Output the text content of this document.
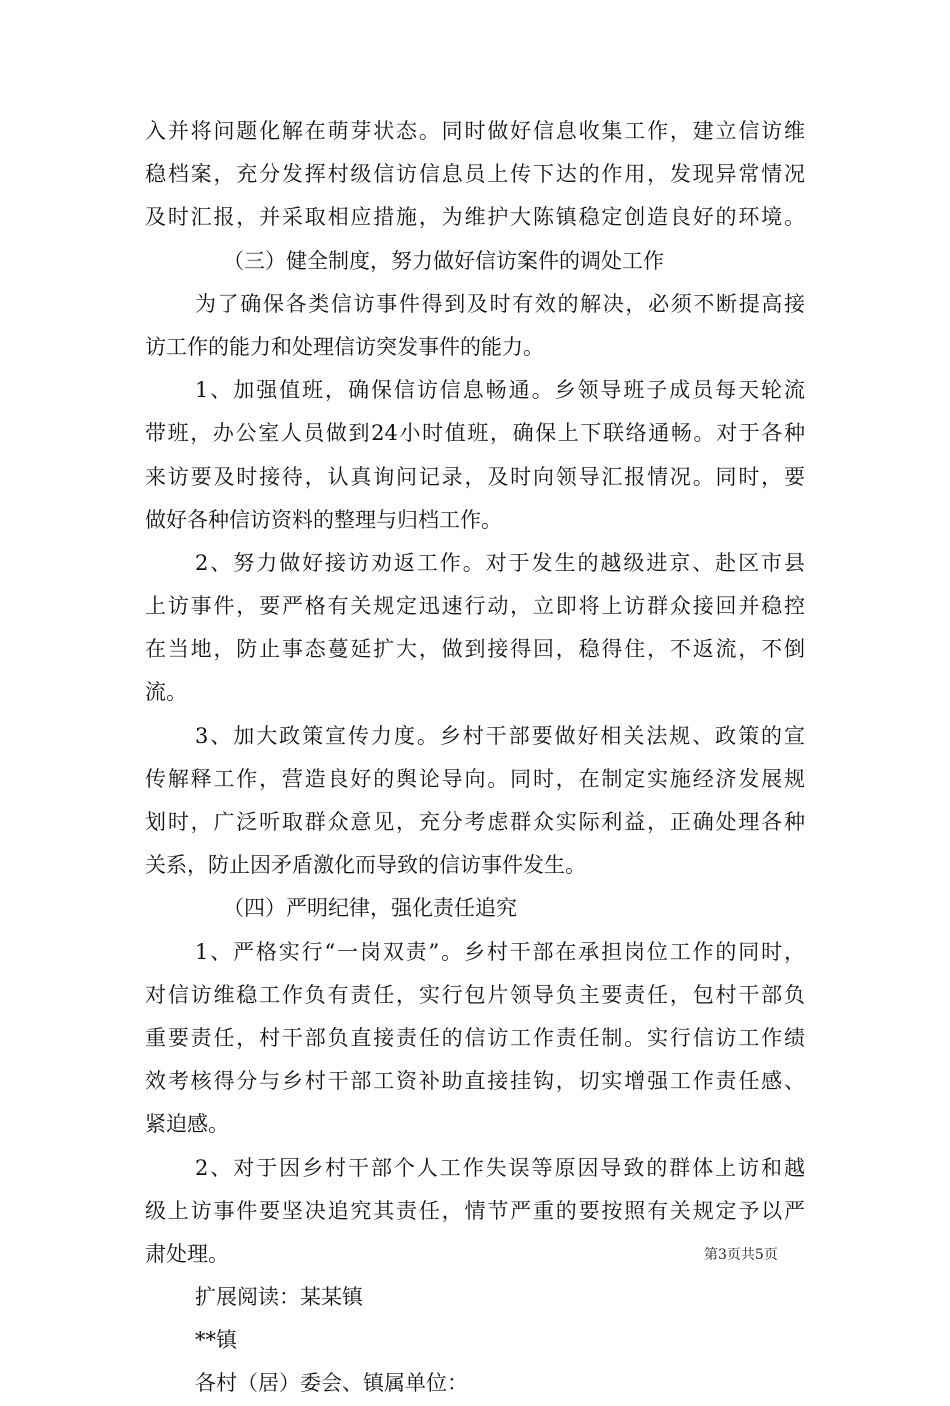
入并将问题化解在萌芽状态。同时做好信息收集工作，建立信访维
稳档案，充分发挥村级信访信息员上传下达的作用，发现异常情况
及时汇报，并采取相应措施，为维护大陈镇稳定创造良好的环境。
（三）健全制度，努力做好信访案件的调处工作
为了确保各类信访事件得到及时有效的解决，必须不断提高接
访工作的能力和处理信访突发事件的能力。
1、加强值班，确保信访信息畅通。乡领导班子成员每天轮流
带班，办公室人员做到24小时值班，确保上下联络通畅。对于各种
来访要及时接待，认真询问记录，及时向领导汇报情况。同时，要
做好各种信访资料的整理与归档工作。
2、努力做好接访劝返工作。对于发生的越级进京、赴区市县
上访事件，要严格有关规定迅速行动，立即将上访群众接回并稳控
在当地，防止事态蔓延扩大，做到接得回，稳得住，不返流，不倒
流。
3、加大政策宣传力度。乡村干部要做好相关法规、政策的宣
传解释工作，营造良好的舆论导向。同时，在制定实施经济发展规
划时，广泛听取群众意见，充分考虑群众实际利益，正确处理各种
关系，防止因矛盾激化而导致的信访事件发生。
（四）严明纪律，强化责任追究
1、严格实行“一岗双责”。乡村干部在承担岗位工作的同时，
对信访维稳工作负有责任，实行包片领导负主要责任，包村干部负
重要责任，村干部负直接责任的信访工作责任制。实行信访工作绩
效考核得分与乡村干部工资补助直接挂钩，切实增强工作责任感、
紧迫感。
2、对于因乡村干部个人工作失误等原因导致的群体上访和越
级上访事件要坚决追究其责任，情节严重的要按照有关规定予以严
肃处理。
扩展阅读：某某镇
**镇
各村（居）委会、镇属单位：
第3页共5页
